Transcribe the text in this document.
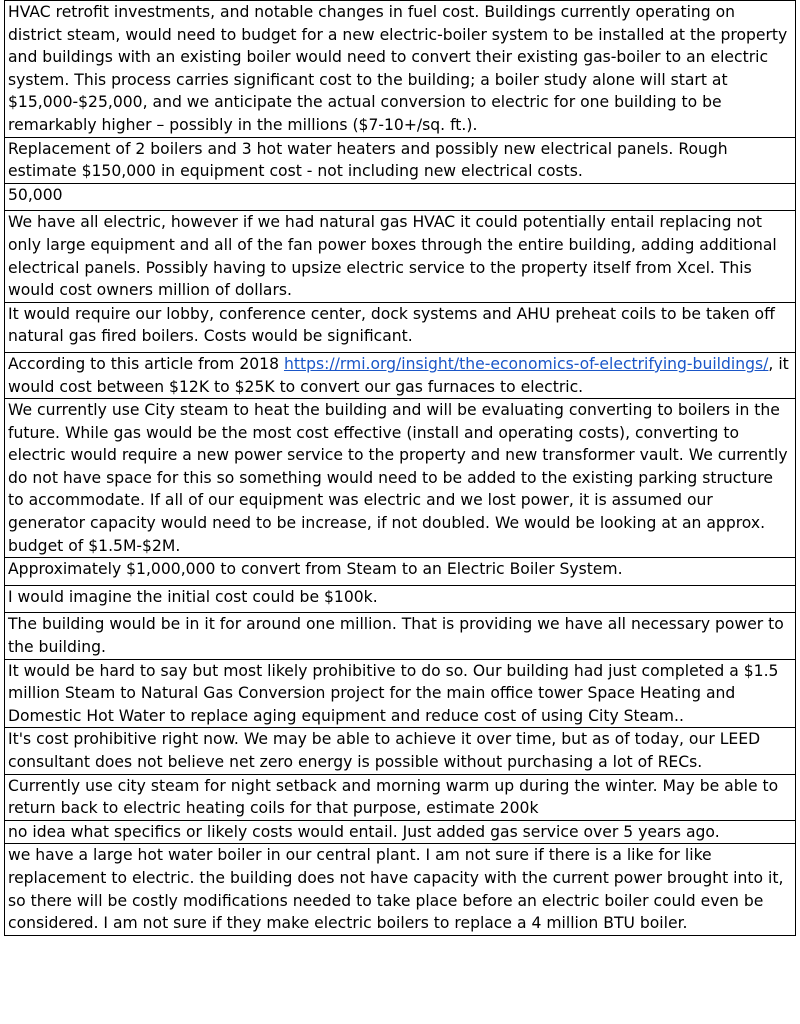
HVAC retrofit investments, and notable changes in fuel cost. Buildings currently operating on district steam, would need to budget for a new electric-boiler system to be installed at the property and buildings with an existing boiler would need to convert their existing gas-boiler to an electric system. This process carries significant cost to the building; a boiler study alone will start at $15,000-$25,000, and we anticipate the actual conversion to electric for one building to be remarkably higher – possibly in the millions ($7-10+/sq. ft.).
Replacement of 2 boilers and 3 hot water heaters and possibly new electrical panels. Rough estimate $150,000 in equipment cost - not including new electrical costs.
50,000
We have all electric, however if we had natural gas HVAC it could potentially entail replacing not only large equipment and all of the fan power boxes through the entire building, adding additional electrical panels. Possibly having to upsize electric service to the property itself from Xcel. This would cost owners million of dollars.
It would require our lobby, conference center, dock systems and AHU preheat coils to be taken off natural gas fired boilers. Costs would be significant.
According to this article from 2018 https://rmi.org/insight/the-economics-of-electrifying-buildings/, it would cost between $12K to $25K to convert our gas furnaces to electric.
We currently use City steam to heat the building and will be evaluating converting to boilers in the future. While gas would be the most cost effective (install and operating costs), converting to electric would require a new power service to the property and new transformer vault. We currently do not have space for this so something would need to be added to the existing parking structure to accommodate. If all of our equipment was electric and we lost power, it is assumed our generator capacity would need to be increase, if not doubled. We would be looking at an approx. budget of $1.5M-$2M.
Approximately $1,000,000 to convert from Steam to an Electric Boiler System.
I would imagine the initial cost could be $100k.
The building would be in it for around one million. That is providing we have all necessary power to the building.
It would be hard to say but most likely prohibitive to do so. Our building had just completed a $1.5 million Steam to Natural Gas Conversion project for the main office tower Space Heating and Domestic Hot Water to replace aging equipment and reduce cost of using City Steam..
It's cost prohibitive right now. We may be able to achieve it over time, but as of today, our LEED consultant does not believe net zero energy is possible without purchasing a lot of RECs.
Currently use city steam for night setback and morning warm up during the winter. May be able to return back to electric heating coils for that purpose, estimate 200k
no idea what specifics or likely costs would entail. Just added gas service over 5 years ago.
we have a large hot water boiler in our central plant. I am not sure if there is a like for like replacement to electric. the building does not have capacity with the current power brought into it, so there will be costly modifications needed to take place before an electric boiler could even be considered. I am not sure if they make electric boilers to replace a 4 million BTU boiler.
